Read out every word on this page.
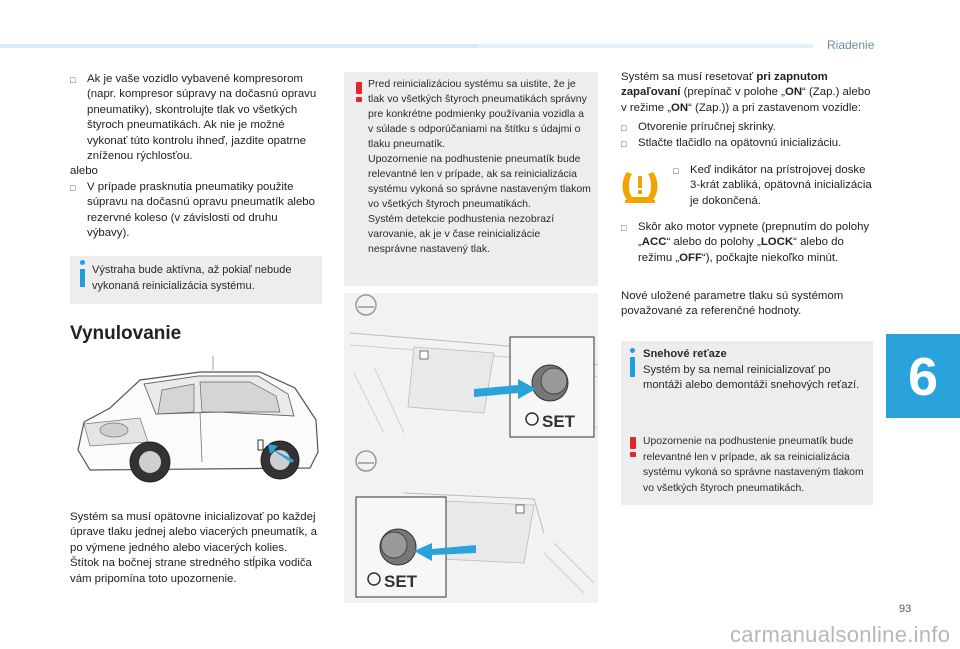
Riadenie
□	Ak je vaše vozidlo vybavené kompresorom (napr. kompresor súpravy na dočasnú opravu pneumatiky), skontrolujte tlak vo všetkých štyroch pneumatikách. Ak nie je možné vykonať túto kontrolu ihneď, jazdite opatrne zníženou rýchlosťou.
alebo
□	V prípade prasknutia pneumatiky použite súpravu na dočasnú opravu pneumatík alebo rezervné koleso (v závislosti od druhu výbavy).
Výstraha bude aktívna, až pokiaľ nebude vykonaná reinicializácia systému.
Vynulovanie
Systém sa musí opätovne inicializovať po každej úprave tlaku jednej alebo viacerých pneumatík, a po výmene jedného alebo viacerých kolies.
Štítok na bočnej strane stredného stĺpika vodiča vám pripomína toto upozornenie.
Pred reinicializáciou systému sa uistite, že je tlak vo všetkých štyroch pneumatikách správny pre konkrétne podmienky používania vozidla a v súlade s odporúčaniami na štítku s údajmi o tlaku pneumatík.
Upozornenie na podhustenie pneumatík bude relevantné len v prípade, ak sa reinicializácia systému vykoná so správne nastaveným tlakom vo všetkých štyroch pneumatikách.
Systém detekcie podhustenia nezobrazí varovanie, ak je v čase reinicializácie nesprávne nastavený tlak.
SET
SET
Systém sa musí resetovať pri zapnutom zapaľovaní (prepínač v polohe „ON“ (Zap.) alebo v režime „ON“ (Zap.)) a pri zastavenom vozidle:
□	Otvorenie príručnej skrinky.
□	Stlačte tlačidlo na opätovnú inicializáciu.
□	Keď indikátor na prístrojovej doske 3-krát zabliká, opätovná inicializácia je dokončená.
□	Skôr ako motor vypnete (prepnutím do polohy „ACC“ alebo do polohy „LOCK“ alebo do režimu „OFF“), počkajte niekoľko minút.
Nové uložené parametre tlaku sú systémom považované za referenčné hodnoty.
Snehové reťaze
Systém by sa nemal reinicializovať po montáži alebo demontáži snehových reťazí.
Upozornenie na podhustenie pneumatík bude relevantné len v prípade, ak sa reinicializácia systému vykoná so správne nastaveným tlakom vo všetkých štyroch pneumatikách.
6
93
carmanualsonline.info
